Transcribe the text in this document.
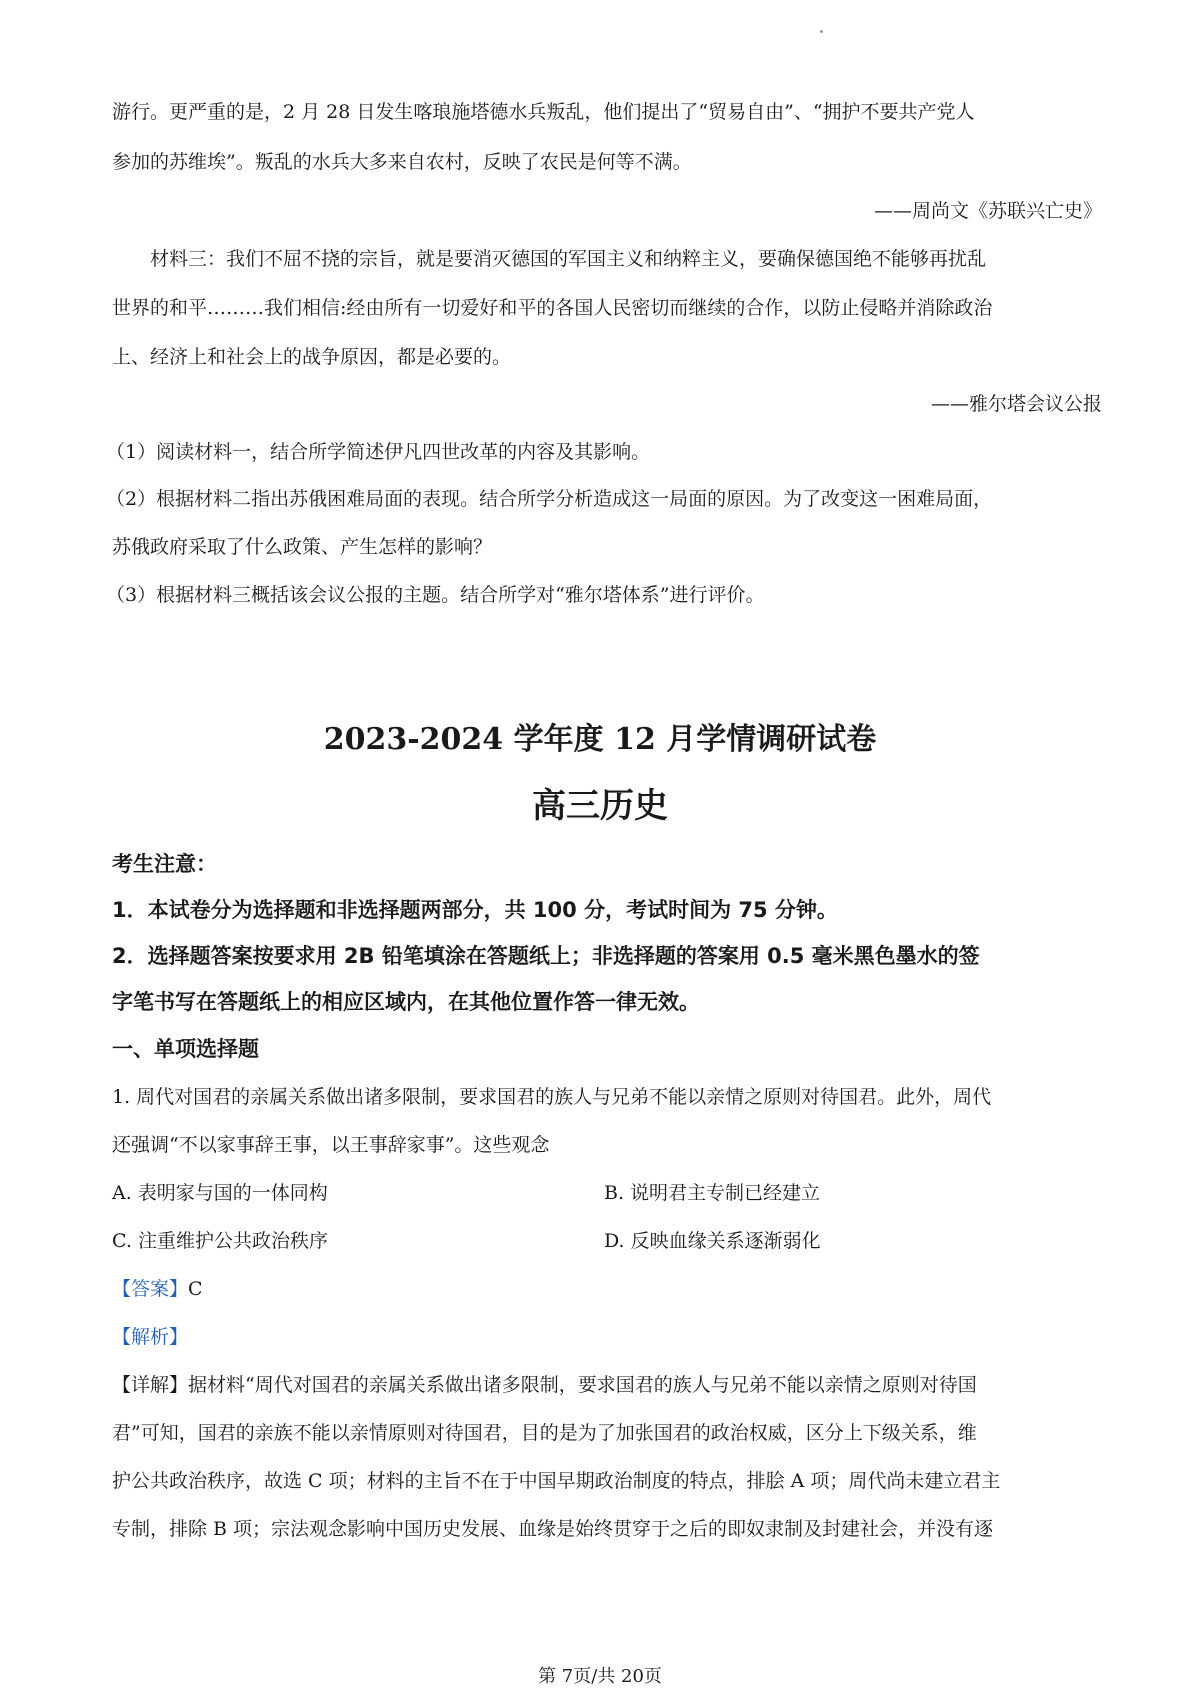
游行。更严重的是，2 月 28 日发生喀琅施塔德水兵叛乱，他们提出了“贸易自由”、“拥护不要共产党人
参加的苏维埃”。叛乱的水兵大多来自农村，反映了农民是何等不满。
——周尚文《苏联兴亡史》
材料三：我们不屈不挠的宗旨，就是要消灭德国的军国主义和纳粹主义，要确保德国绝不能够再扰乱
世界的和平………我们相信:经由所有一切爱好和平的各国人民密切而继续的合作，以防止侵略并消除政治
上、经济上和社会上的战争原因，都是必要的。
——雅尔塔会议公报
（1）阅读材料一，结合所学简述伊凡四世改革的内容及其影响。
（2）根据材料二指出苏俄困难局面的表现。结合所学分析造成这一局面的原因。为了改变这一困难局面，
苏俄政府采取了什么政策、产生怎样的影响？
（3）根据材料三概括该会议公报的主题。结合所学对“雅尔塔体系”进行评价。
2023-2024 学年度 12 月学情调研试卷
高三历史
考生注意：
1．本试卷分为选择题和非选择题两部分，共 100 分，考试时间为 75 分钟。
2．选择题答案按要求用 2B 铅笔填涂在答题纸上；非选择题的答案用 0.5 毫米黑色墨水的签
字笔书写在答题纸上的相应区域内，在其他位置作答一律无效。
一、单项选择题
1. 周代对国君的亲属关系做出诸多限制，要求国君的族人与兄弟不能以亲情之原则对待国君。此外，周代
还强调“不以家事辞王事，以王事辞家事”。这些观念
A. 表明家与国的一体同构	B. 说明君主专制已经建立
C. 注重维护公共政治秩序	D. 反映血缘关系逐渐弱化
【答案】C
【解析】
【详解】据材料“周代对国君的亲属关系做出诸多限制，要求国君的族人与兄弟不能以亲情之原则对待国
君”可知，国君的亲族不能以亲情原则对待国君，目的是为了加张国君的政治权威，区分上下级关系，维
护公共政治秩序，故选 C 项；材料的主旨不在于中国早期政治制度的特点，排脍 A 项；周代尚未建立君主
专制，排除 B 项；宗法观念影响中国历史发展、血缘是始终贯穿于之后的即奴隶制及封建社会，并没有逐
第 7页/共 20页
